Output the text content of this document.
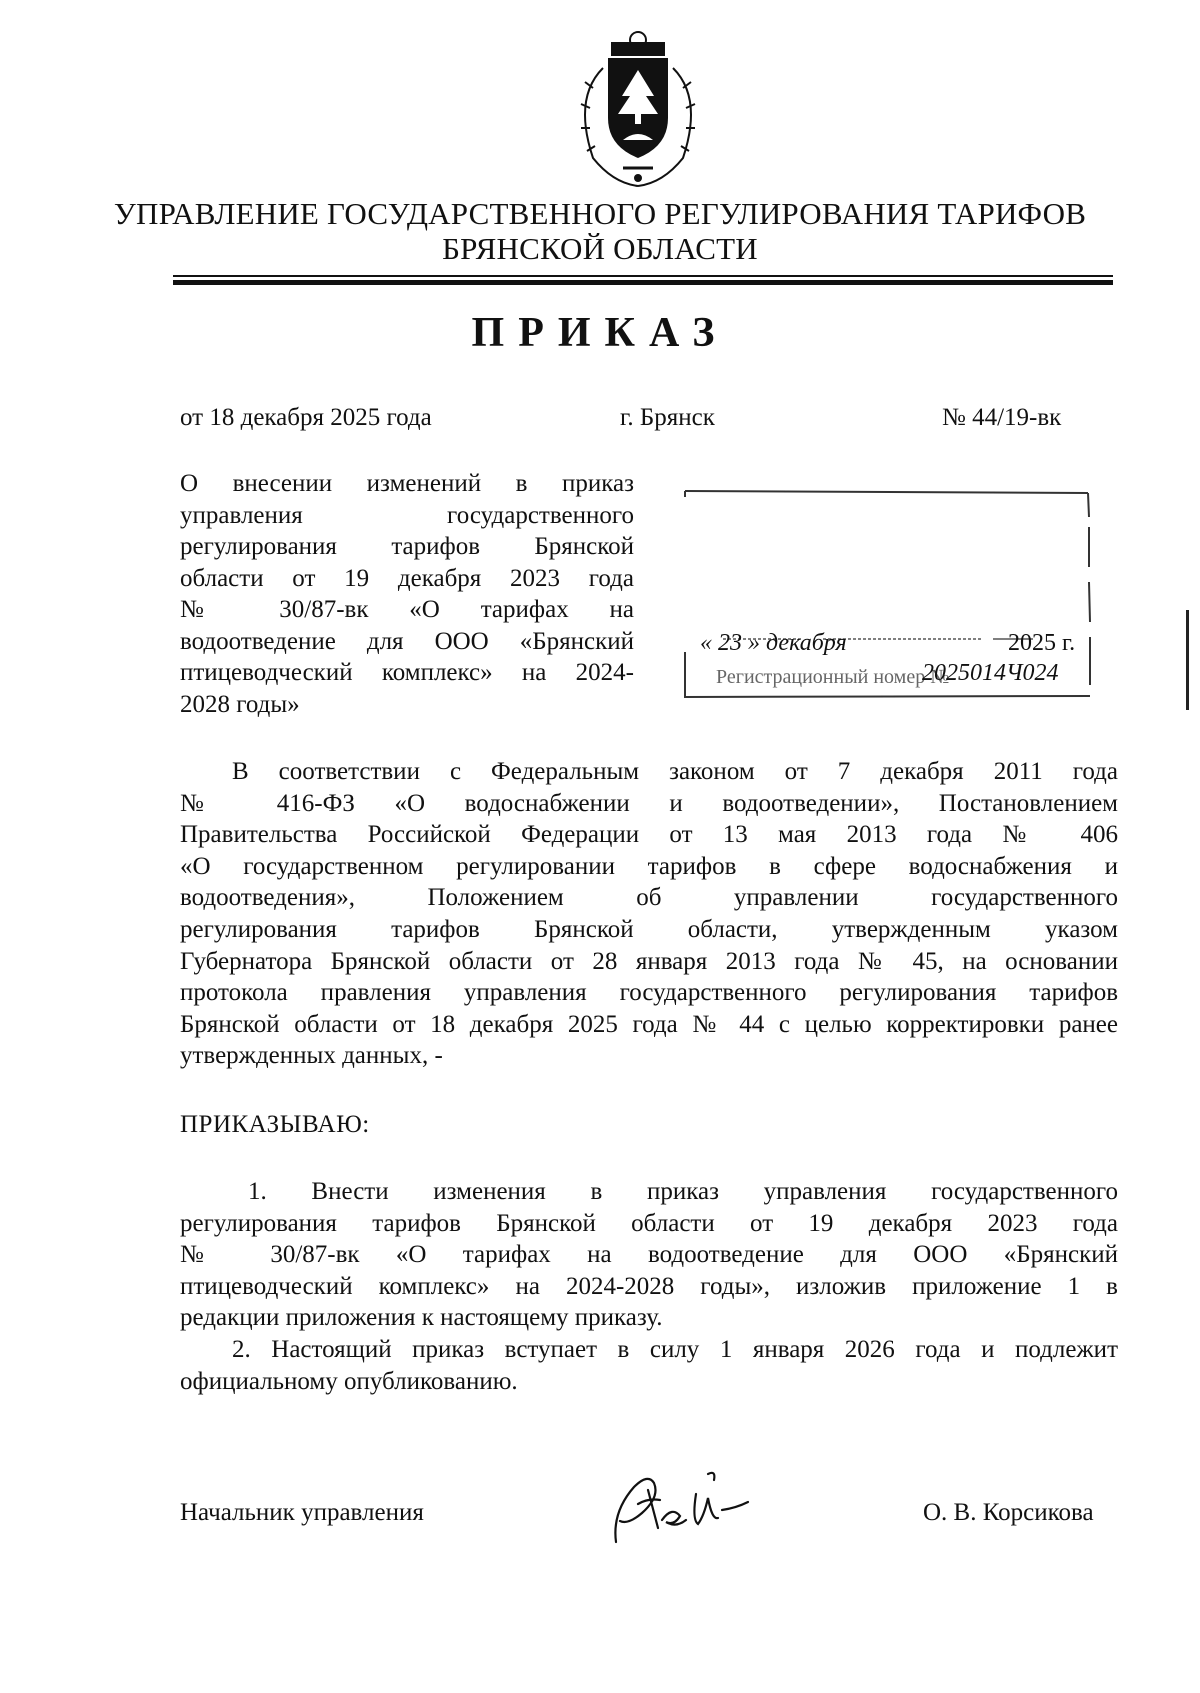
УПРАВЛЕНИЕ ГОСУДАРСТВЕННОГО РЕГУЛИРОВАНИЯ ТАРИФОВ
БРЯНСКОЙ ОБЛАСТИ
ПРИКАЗ
от 18 декабря 2025 года	г. Брянск	№ 44/19-вк
О внесении изменений в приказ
управления государственного
регулирования тарифов Брянской
области от 19 декабря 2023 года
№ 30/87-вк «О тарифах на
водоотведение для ООО «Брянский
птицеводческий комплекс» на 2024-
2028 годы»
« 23 » декабря	2025 г.
Регистрационный номер №
2025014Ч024
В соответствии с Федеральным законом от 7 декабря 2011 года
№ 416-ФЗ «О водоснабжении и водоотведении», Постановлением
Правительства Российской Федерации от 13 мая 2013 года № 406
«О государственном регулировании тарифов в сфере водоснабжения и
водоотведения», Положением об управлении государственного
регулирования тарифов Брянской области, утвержденным указом
Губернатора Брянской области от 28 января 2013 года № 45, на основании
протокола правления управления государственного регулирования тарифов
Брянской области от 18 декабря 2025 года № 44 с целью корректировки ранее
утвержденных данных, -
ПРИКАЗЫВАЮ:
1. Внести изменения в приказ управления государственного
регулирования тарифов Брянской области от 19 декабря 2023 года
№ 30/87-вк «О тарифах на водоотведение для ООО «Брянский
птицеводческий комплекс» на 2024-2028 годы», изложив приложение 1 в
редакции приложения к настоящему приказу.
2. Настоящий приказ вступает в силу 1 января 2026 года и подлежит
официальному опубликованию.
Начальник управления	О. В. Корсикова
